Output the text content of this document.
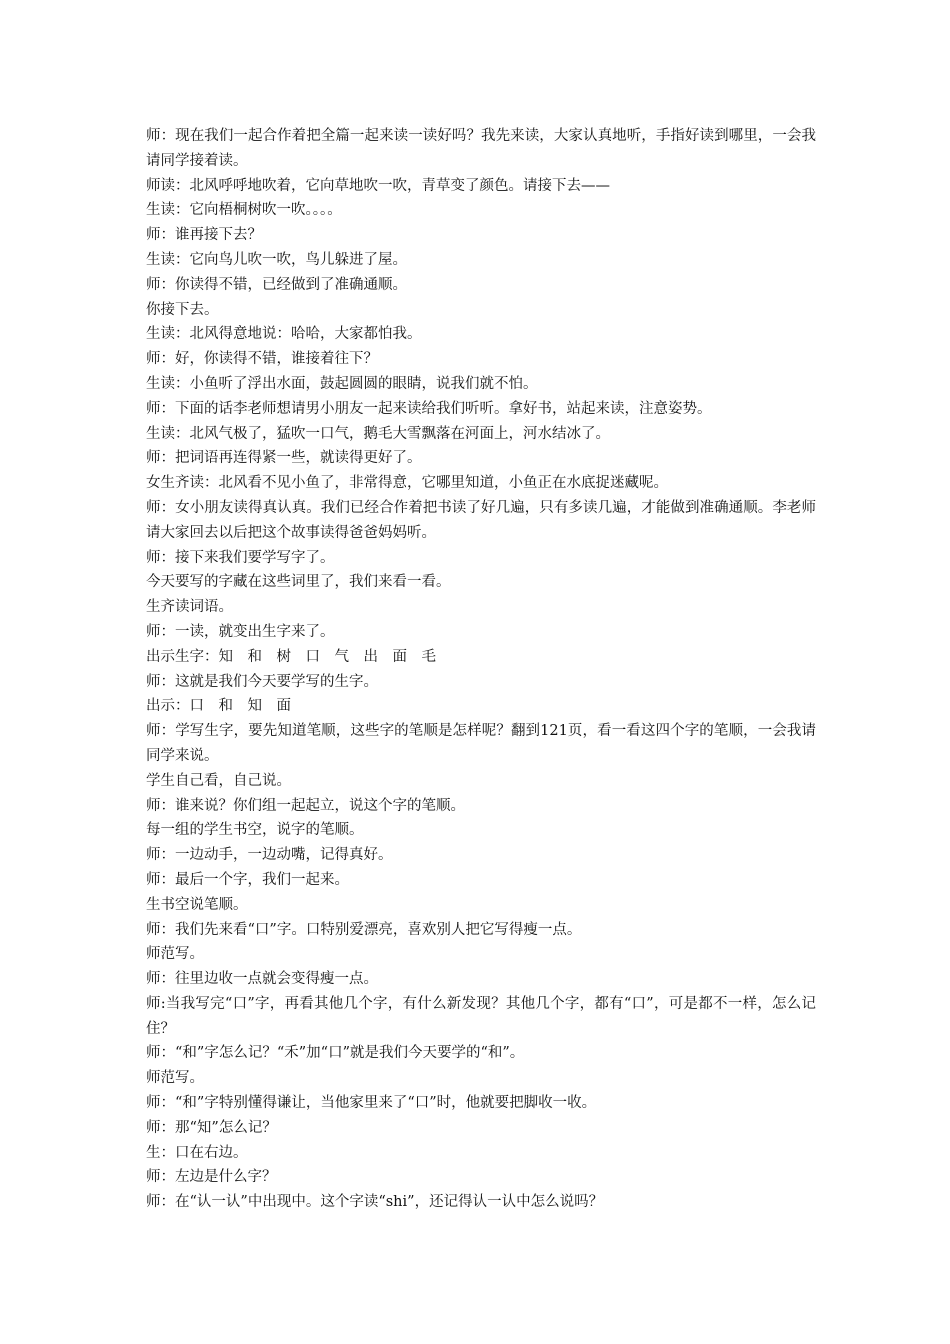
师：现在我们一起合作着把全篇一起来读一读好吗？我先来读，大家认真地听，手指好读到哪里，一会我请同学接着读。

师读：北风呼呼地吹着，它向草地吹一吹，青草变了颜色。请接下去——

生读：它向梧桐树吹一吹。。。。

师：谁再接下去？

生读：它向鸟儿吹一吹，鸟儿躲进了屋。

师：你读得不错，已经做到了准确通顺。

你接下去。

生读：北风得意地说：哈哈，大家都怕我。

师：好，你读得不错，谁接着往下？

生读：小鱼听了浮出水面，鼓起圆圆的眼睛，说我们就不怕。

师：下面的话李老师想请男小朋友一起来读给我们听听。拿好书，站起来读，注意姿势。

生读：北风气极了，猛吹一口气，鹅毛大雪飘落在河面上，河水结冰了。

师：把词语再连得紧一些，就读得更好了。

女生齐读：北风看不见小鱼了，非常得意，它哪里知道，小鱼正在水底捉迷藏呢。

师：女小朋友读得真认真。我们已经合作着把书读了好几遍，只有多读几遍，才能做到准确通顺。李老师请大家回去以后把这个故事读得爸爸妈妈听。

师：接下来我们要学写字了。

今天要写的字藏在这些词里了，我们来看一看。

生齐读词语。

师：一读，就变出生字来了。

出示生字：知　和　树　口　气　出　面　毛

师：这就是我们今天要学写的生字。

出示：口　和　知　面

师：学写生字，要先知道笔顺，这些字的笔顺是怎样呢？翻到121页，看一看这四个字的笔顺，一会我请同学来说。

学生自己看，自己说。

师：谁来说？你们组一起起立，说这个字的笔顺。

每一组的学生书空，说字的笔顺。

师：一边动手，一边动嘴，记得真好。

师：最后一个字，我们一起来。

生书空说笔顺。

师：我们先来看“口”字。口特别爱漂亮，喜欢别人把它写得瘦一点。

师范写。

师：往里边收一点就会变得瘦一点。

师:当我写完“口”字，再看其他几个字，有什么新发现？其他几个字，都有“口”，可是都不一样，怎么记住？

师：“和”字怎么记？“禾”加“口”就是我们今天要学的“和”。

师范写。

师：“和”字特别懂得谦让，当他家里来了“口”时，他就要把脚收一收。

师：那“知”怎么记？

生：口在右边。

师：左边是什么字？

师：在“认一认”中出现中。这个字读“shi”，还记得认一认中怎么说吗？
